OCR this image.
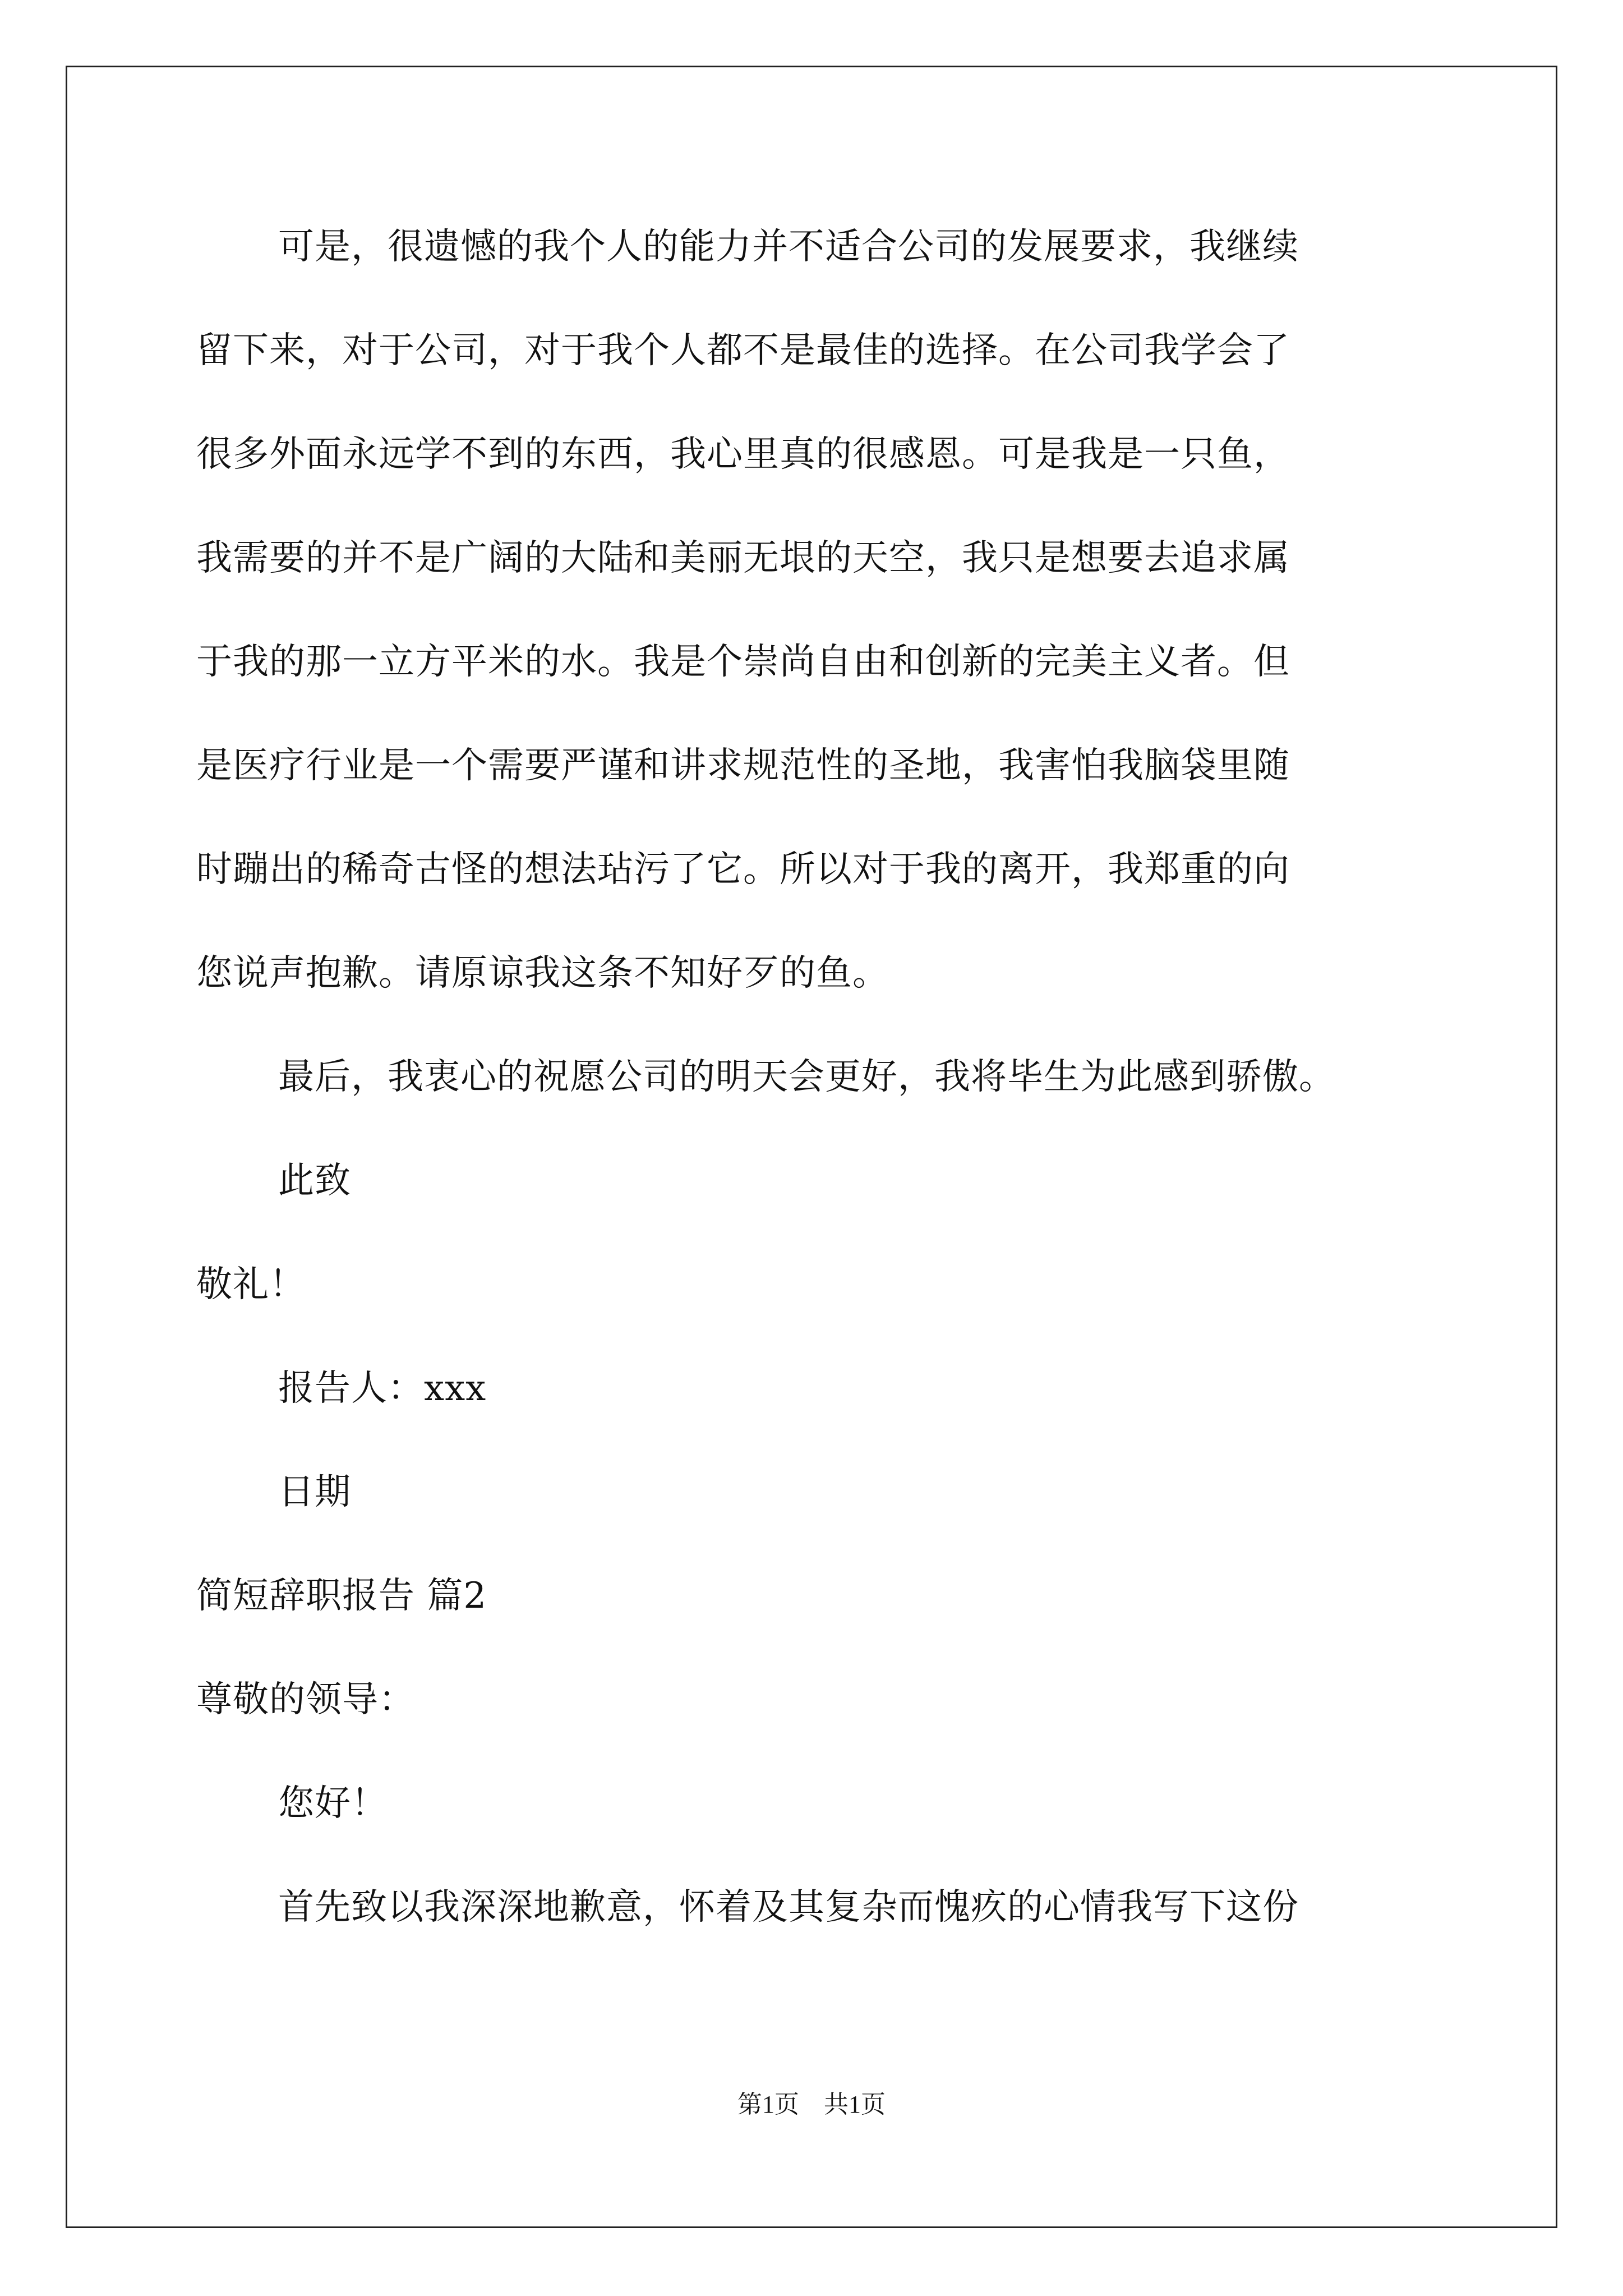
可是，很遗憾的我个人的能力并不适合公司的发展要求，我继续
留下来，对于公司，对于我个人都不是最佳的选择。在公司我学会了
很多外面永远学不到的东西，我心里真的很感恩。可是我是一只鱼，
我需要的并不是广阔的大陆和美丽无垠的天空，我只是想要去追求属
于我的那一立方平米的水。我是个崇尚自由和创新的完美主义者。但
是医疗行业是一个需要严谨和讲求规范性的圣地，我害怕我脑袋里随
时蹦出的稀奇古怪的想法玷污了它。所以对于我的离开，我郑重的向
您说声抱歉。请原谅我这条不知好歹的鱼。
最后，我衷心的祝愿公司的明天会更好，我将毕生为此感到骄傲。
此致
敬礼！
报告人：xxx
日期
简短辞职报告 篇2
尊敬的领导：
您好！
首先致以我深深地歉意，怀着及其复杂而愧疚的心情我写下这份
第1页　共1页
